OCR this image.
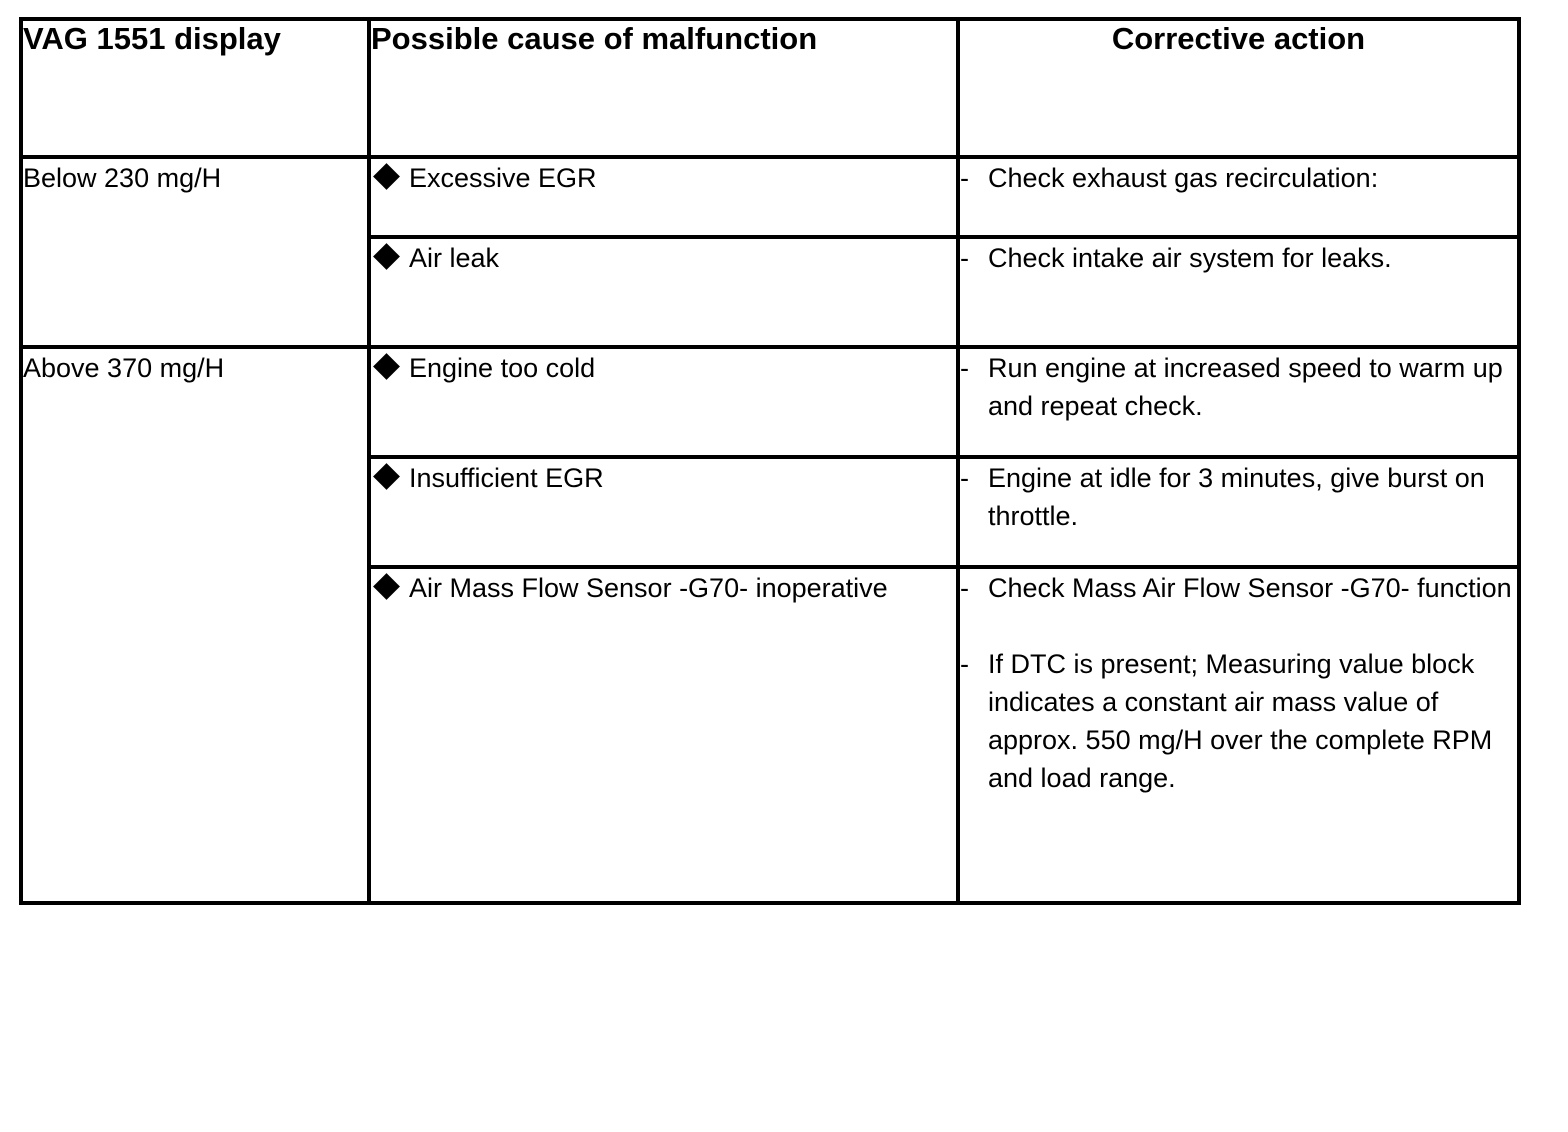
VAG 1551 display	Possible cause of malfunction	Corrective action
Below 230 mg/H	Excessive EGR	- Check exhaust gas recirculation:

	Air leak	- Check intake air system for leaks.

Above 370 mg/H	Engine too cold	- Run engine at increased speed to warm up and repeat check.

	Insufficient EGR	- Engine at idle for 3 minutes, give burst on throttle.

	Air Mass Flow Sensor -G70- inoperative	- Check Mass Air Flow Sensor -G70- function
- If DTC is present; Measuring value block indicates a constant air mass value of approx. 550 mg/H over the complete RPM and load range.
